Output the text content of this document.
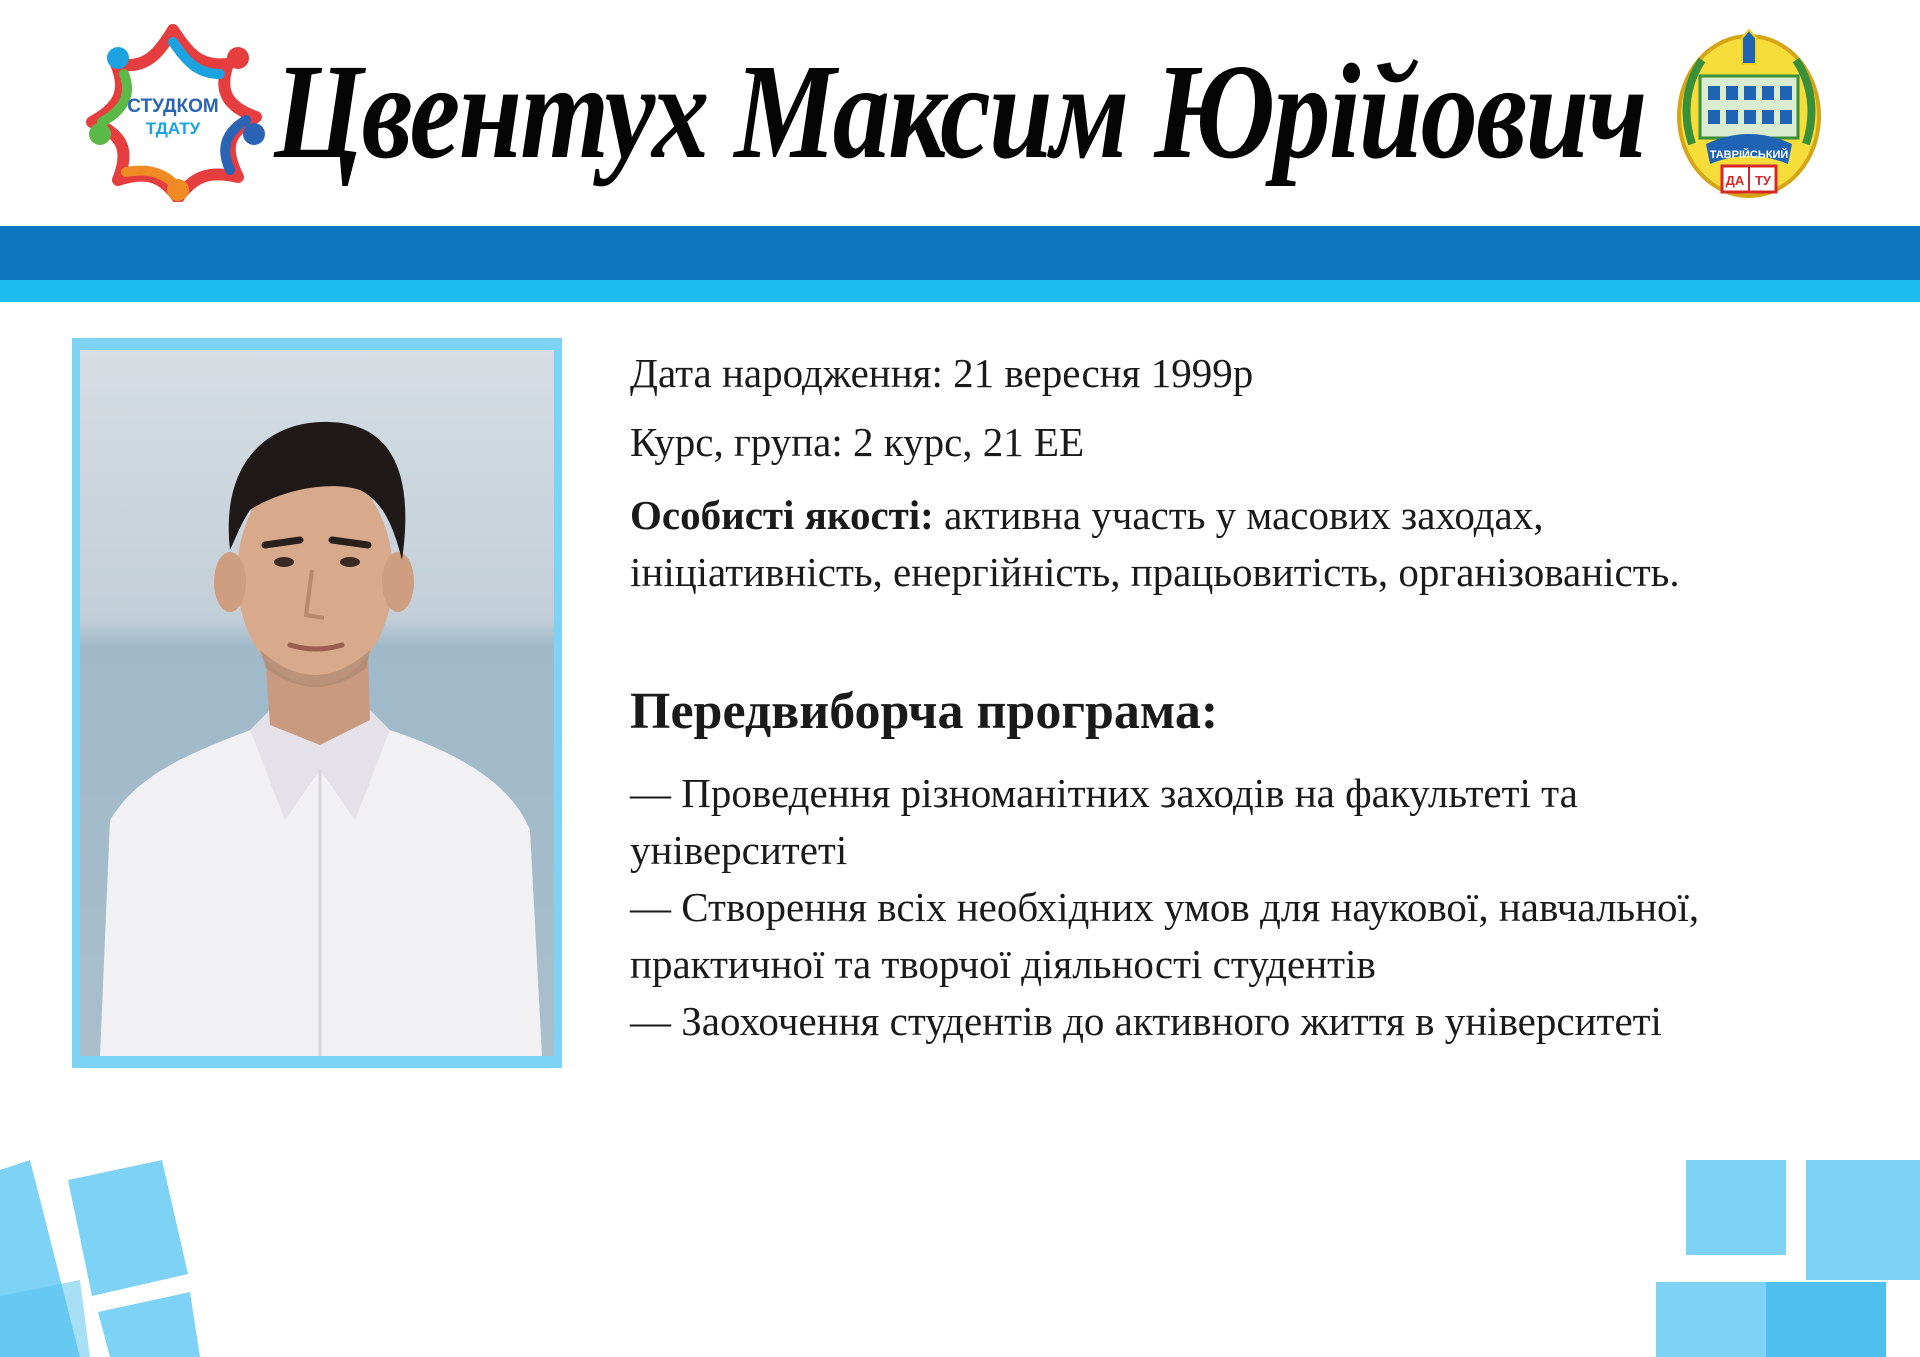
СТУДКОМ
ТДАТУ Цвентух Максим Юрійович	ТАВРІЙСЬКИЙ
ДА ТУ

Дата народження: 21 вересня 1999р

Курс, група: 2 курс, 21 ЕЕ

Особисті якості: активна участь у масових заходах,

ініціативність, енергійність, працьовитість, організованість.

Передвиборча програма:

— Проведення різноманітних заходів на факультеті та

університеті

— Створення всіх необхідних умов для наукової, навчальної,

практичної та творчої діяльності студентів

— Заохочення студентів до активного життя в університеті
